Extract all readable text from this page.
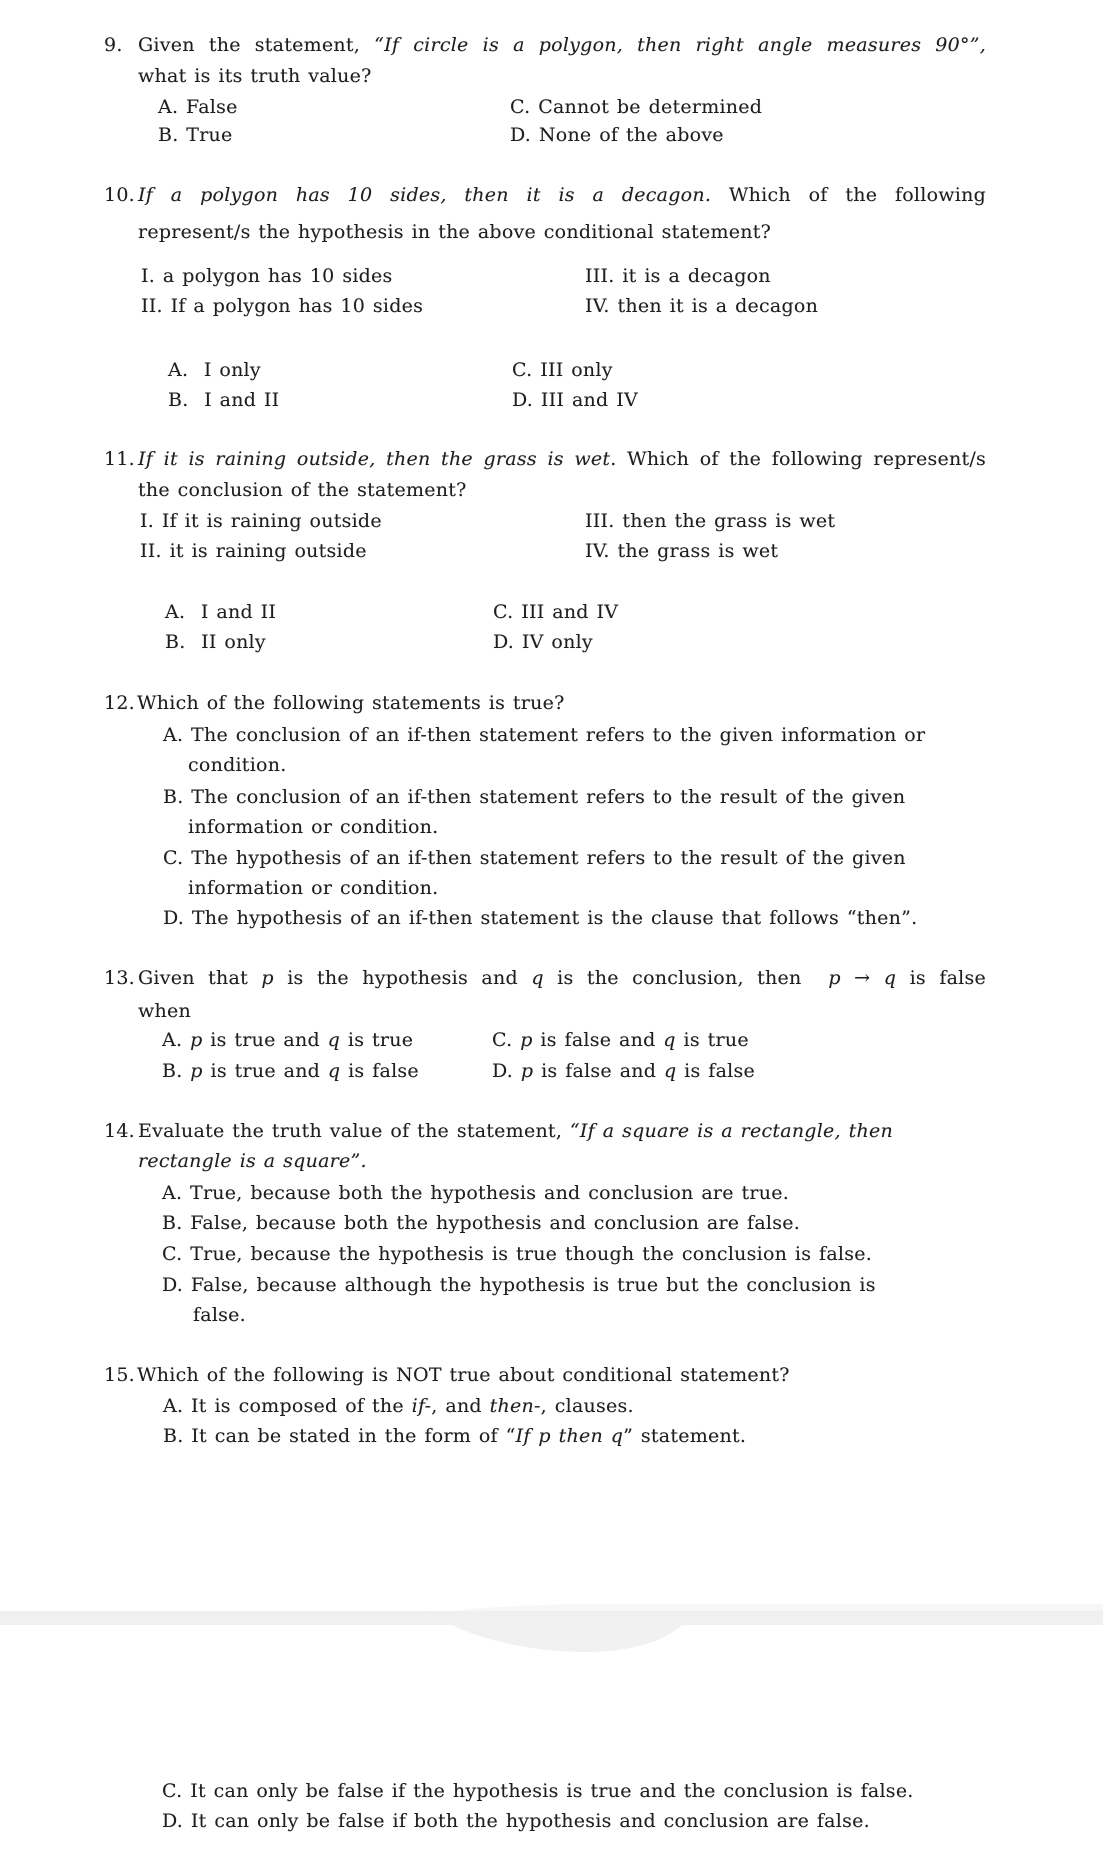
9. Given the statement, “If circle is a polygon, then right angle measures 90°”,
what is its truth value?
A. False	C. Cannot be determined
B. True	D. None of the above
10. If a polygon has 10 sides, then it is a decagon. Which of the following
represent/s the hypothesis in the above conditional statement?
I. a polygon has 10 sides	III. it is a decagon
II. If a polygon has 10 sides	IV. then it is a decagon
A.  I only	C. III only
B.  I and II	D. III and IV
11. If it is raining outside, then the grass is wet. Which of the following represent/s
the conclusion of the statement?
I. If it is raining outside	III. then the grass is wet
II. it is raining outside	IV. the grass is wet
A.  I and II	C. III and IV
B.  II only	D. IV only
12. Which of the following statements is true?
A. The conclusion of an if-then statement refers to the given information or
condition.
B. The conclusion of an if-then statement refers to the result of the given
information or condition.
C. The hypothesis of an if-then statement refers to the result of the given
information or condition.
D. The hypothesis of an if-then statement is the clause that follows “then”.
13. Given that p is the hypothesis and q is the conclusion, then  p → q is false
when
A. p is true and q is true	C. p is false and q is true
B. p is true and q is false	D. p is false and q is false
14. Evaluate the truth value of the statement, “If a square is a rectangle, then
rectangle is a square”.
A. True, because both the hypothesis and conclusion are true.
B. False, because both the hypothesis and conclusion are false.
C. True, because the hypothesis is true though the conclusion is false.
D. False, because although the hypothesis is true but the conclusion is
false.
15. Which of the following is NOT true about conditional statement?
A. It is composed of the if-, and then-, clauses.
B. It can be stated in the form of “If p then q” statement.
C. It can only be false if the hypothesis is true and the conclusion is false.
D. It can only be false if both the hypothesis and conclusion are false.
